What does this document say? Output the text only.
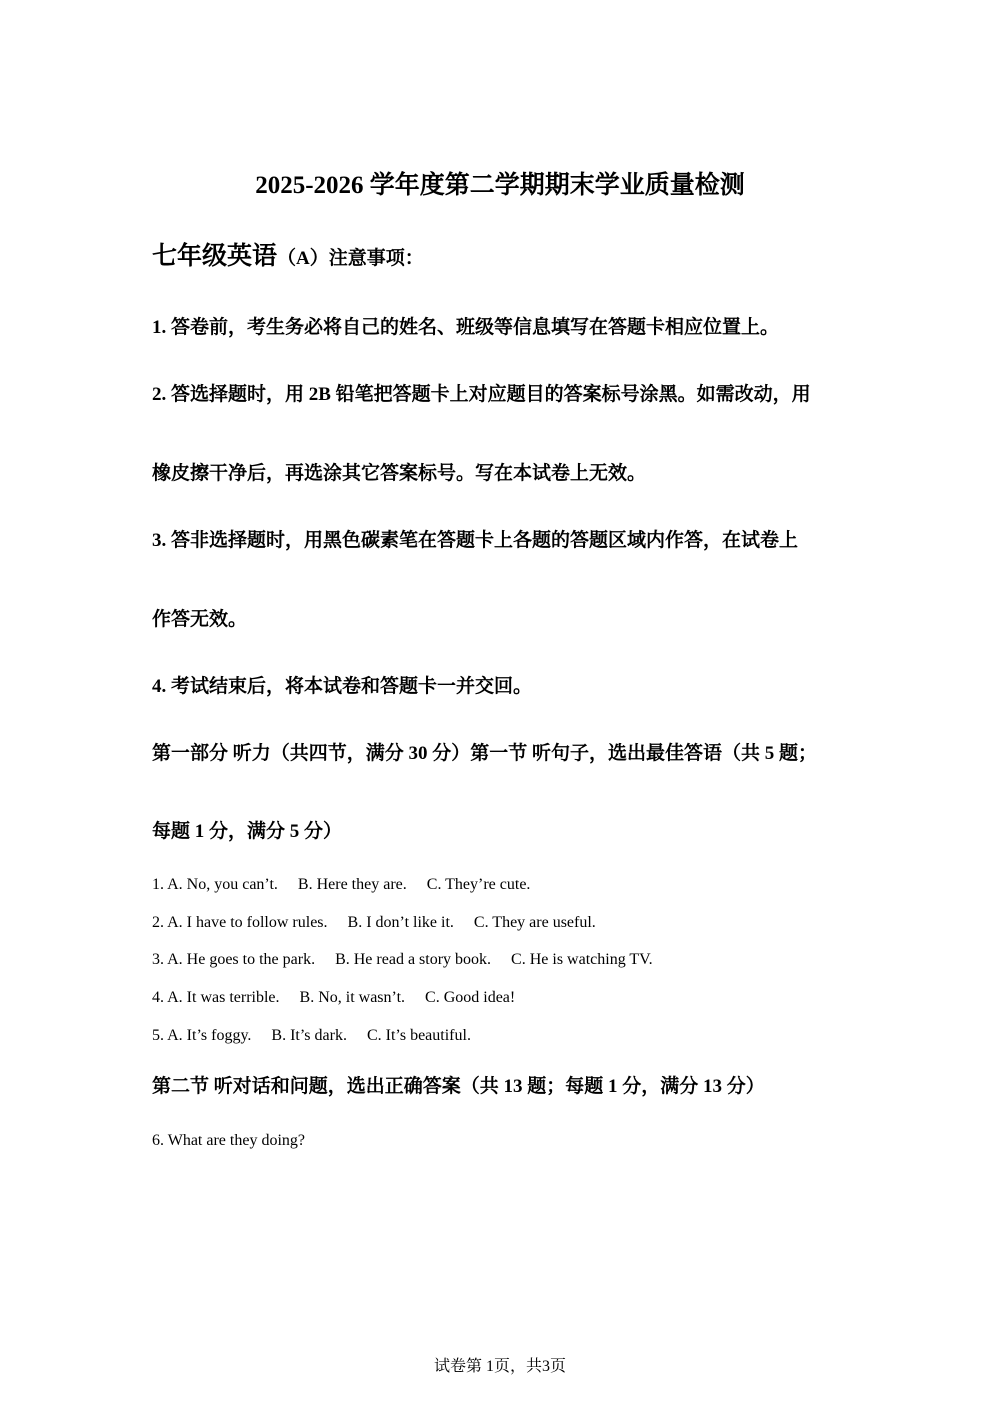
2025-2026 学年度第二学期期末学业质量检测
七年级英语（A）注意事项：
1. 答卷前，考生务必将自己的姓名、班级等信息填写在答题卡相应位置上。
2. 答选择题时，用 2B 铅笔把答题卡上对应题目的答案标号涂黑。如需改动，用
橡皮擦干净后，再选涂其它答案标号。写在本试卷上无效。
3. 答非选择题时，用黑色碳素笔在答题卡上各题的答题区域内作答，在试卷上
作答无效。
4. 考试结束后，将本试卷和答题卡一并交回。
第一部分 听力（共四节，满分 30 分）第一节 听句子，选出最佳答语（共 5 题；
每题 1 分，满分 5 分）
1. A. No, you can’t. B. Here they are. C. They’re cute.
2. A. I have to follow rules. B. I don’t like it. C. They are useful.
3. A. He goes to the park. B. He read a story book. C. He is watching TV.
4. A. It was terrible. B. No, it wasn’t. C. Good idea!
5. A. It’s foggy. B. It’s dark. C. It’s beautiful.
第二节 听对话和问题，选出正确答案（共 13 题；每题 1 分，满分 13 分）
6. What are they doing?
试卷第 1页，共3页
